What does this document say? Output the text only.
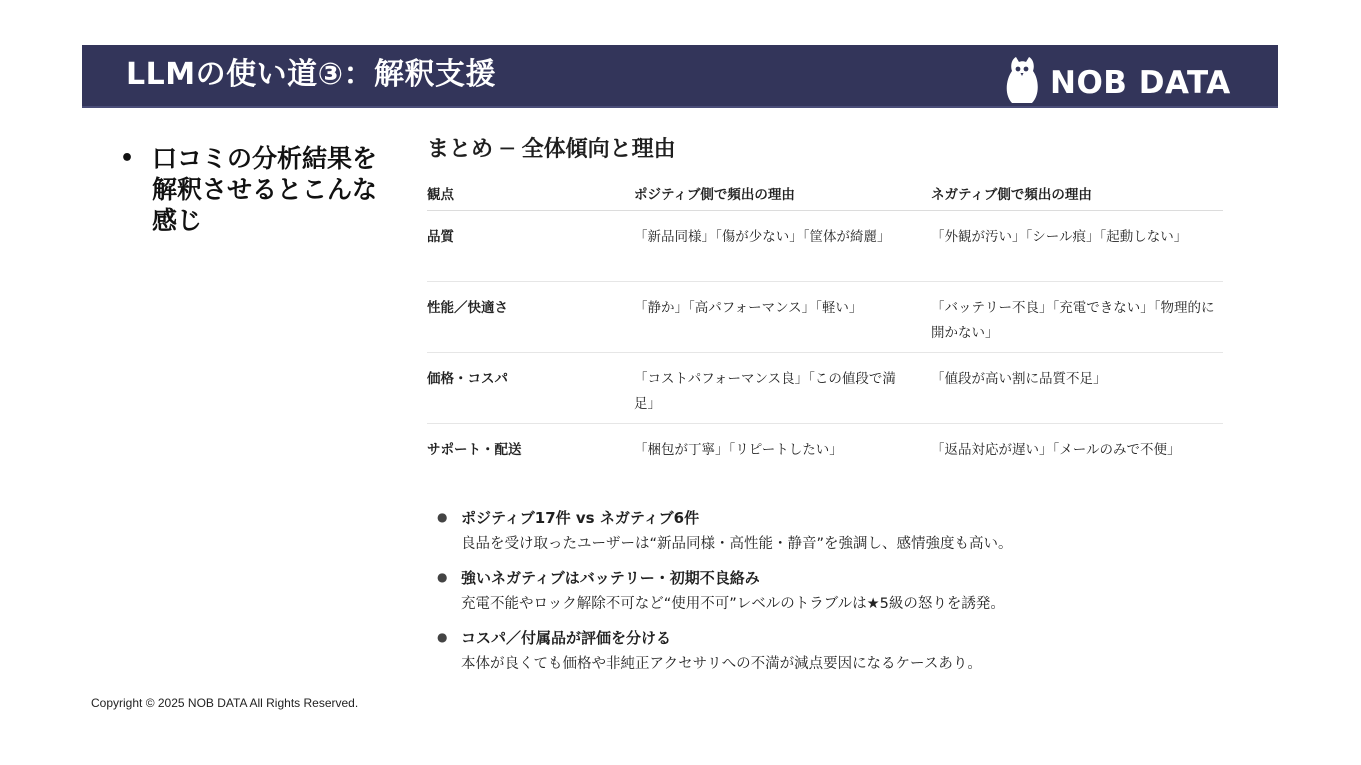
LLMの使い道③：解釈支援	NOB DATA
• 口コミの分析結果を解釈させるとこんな感じ
まとめ ─ 全体傾向と理由
観点	ポジティブ側で頻出の理由	ネガティブ側で頻出の理由
品質	「新品同様」「傷が少ない」「筐体が綺麗」	「外観が汚い」「シール痕」「起動しない」
性能／快適さ	「静か」「高パフォーマンス」「軽い」	「バッテリー不良」「充電できない」「物理的に開かない」
価格・コスパ	「コストパフォーマンス良」「この値段で満足」	「値段が高い割に品質不足」
サポート・配送	「梱包が丁寧」「リピートしたい」	「返品対応が遅い」「メールのみで不便」
● ポジティブ17件 vs ネガティブ6件
良品を受け取ったユーザーは“新品同様・高性能・静音”を強調し、感情強度も高い。
● 強いネガティブはバッテリー・初期不良絡み
充電不能やロック解除不可など“使用不可”レベルのトラブルは★5級の怒りを誘発。
● コスパ／付属品が評価を分ける
本体が良くても価格や非純正アクセサリへの不満が減点要因になるケースあり。
Copyright © 2025 NOB DATA All Rights Reserved.
